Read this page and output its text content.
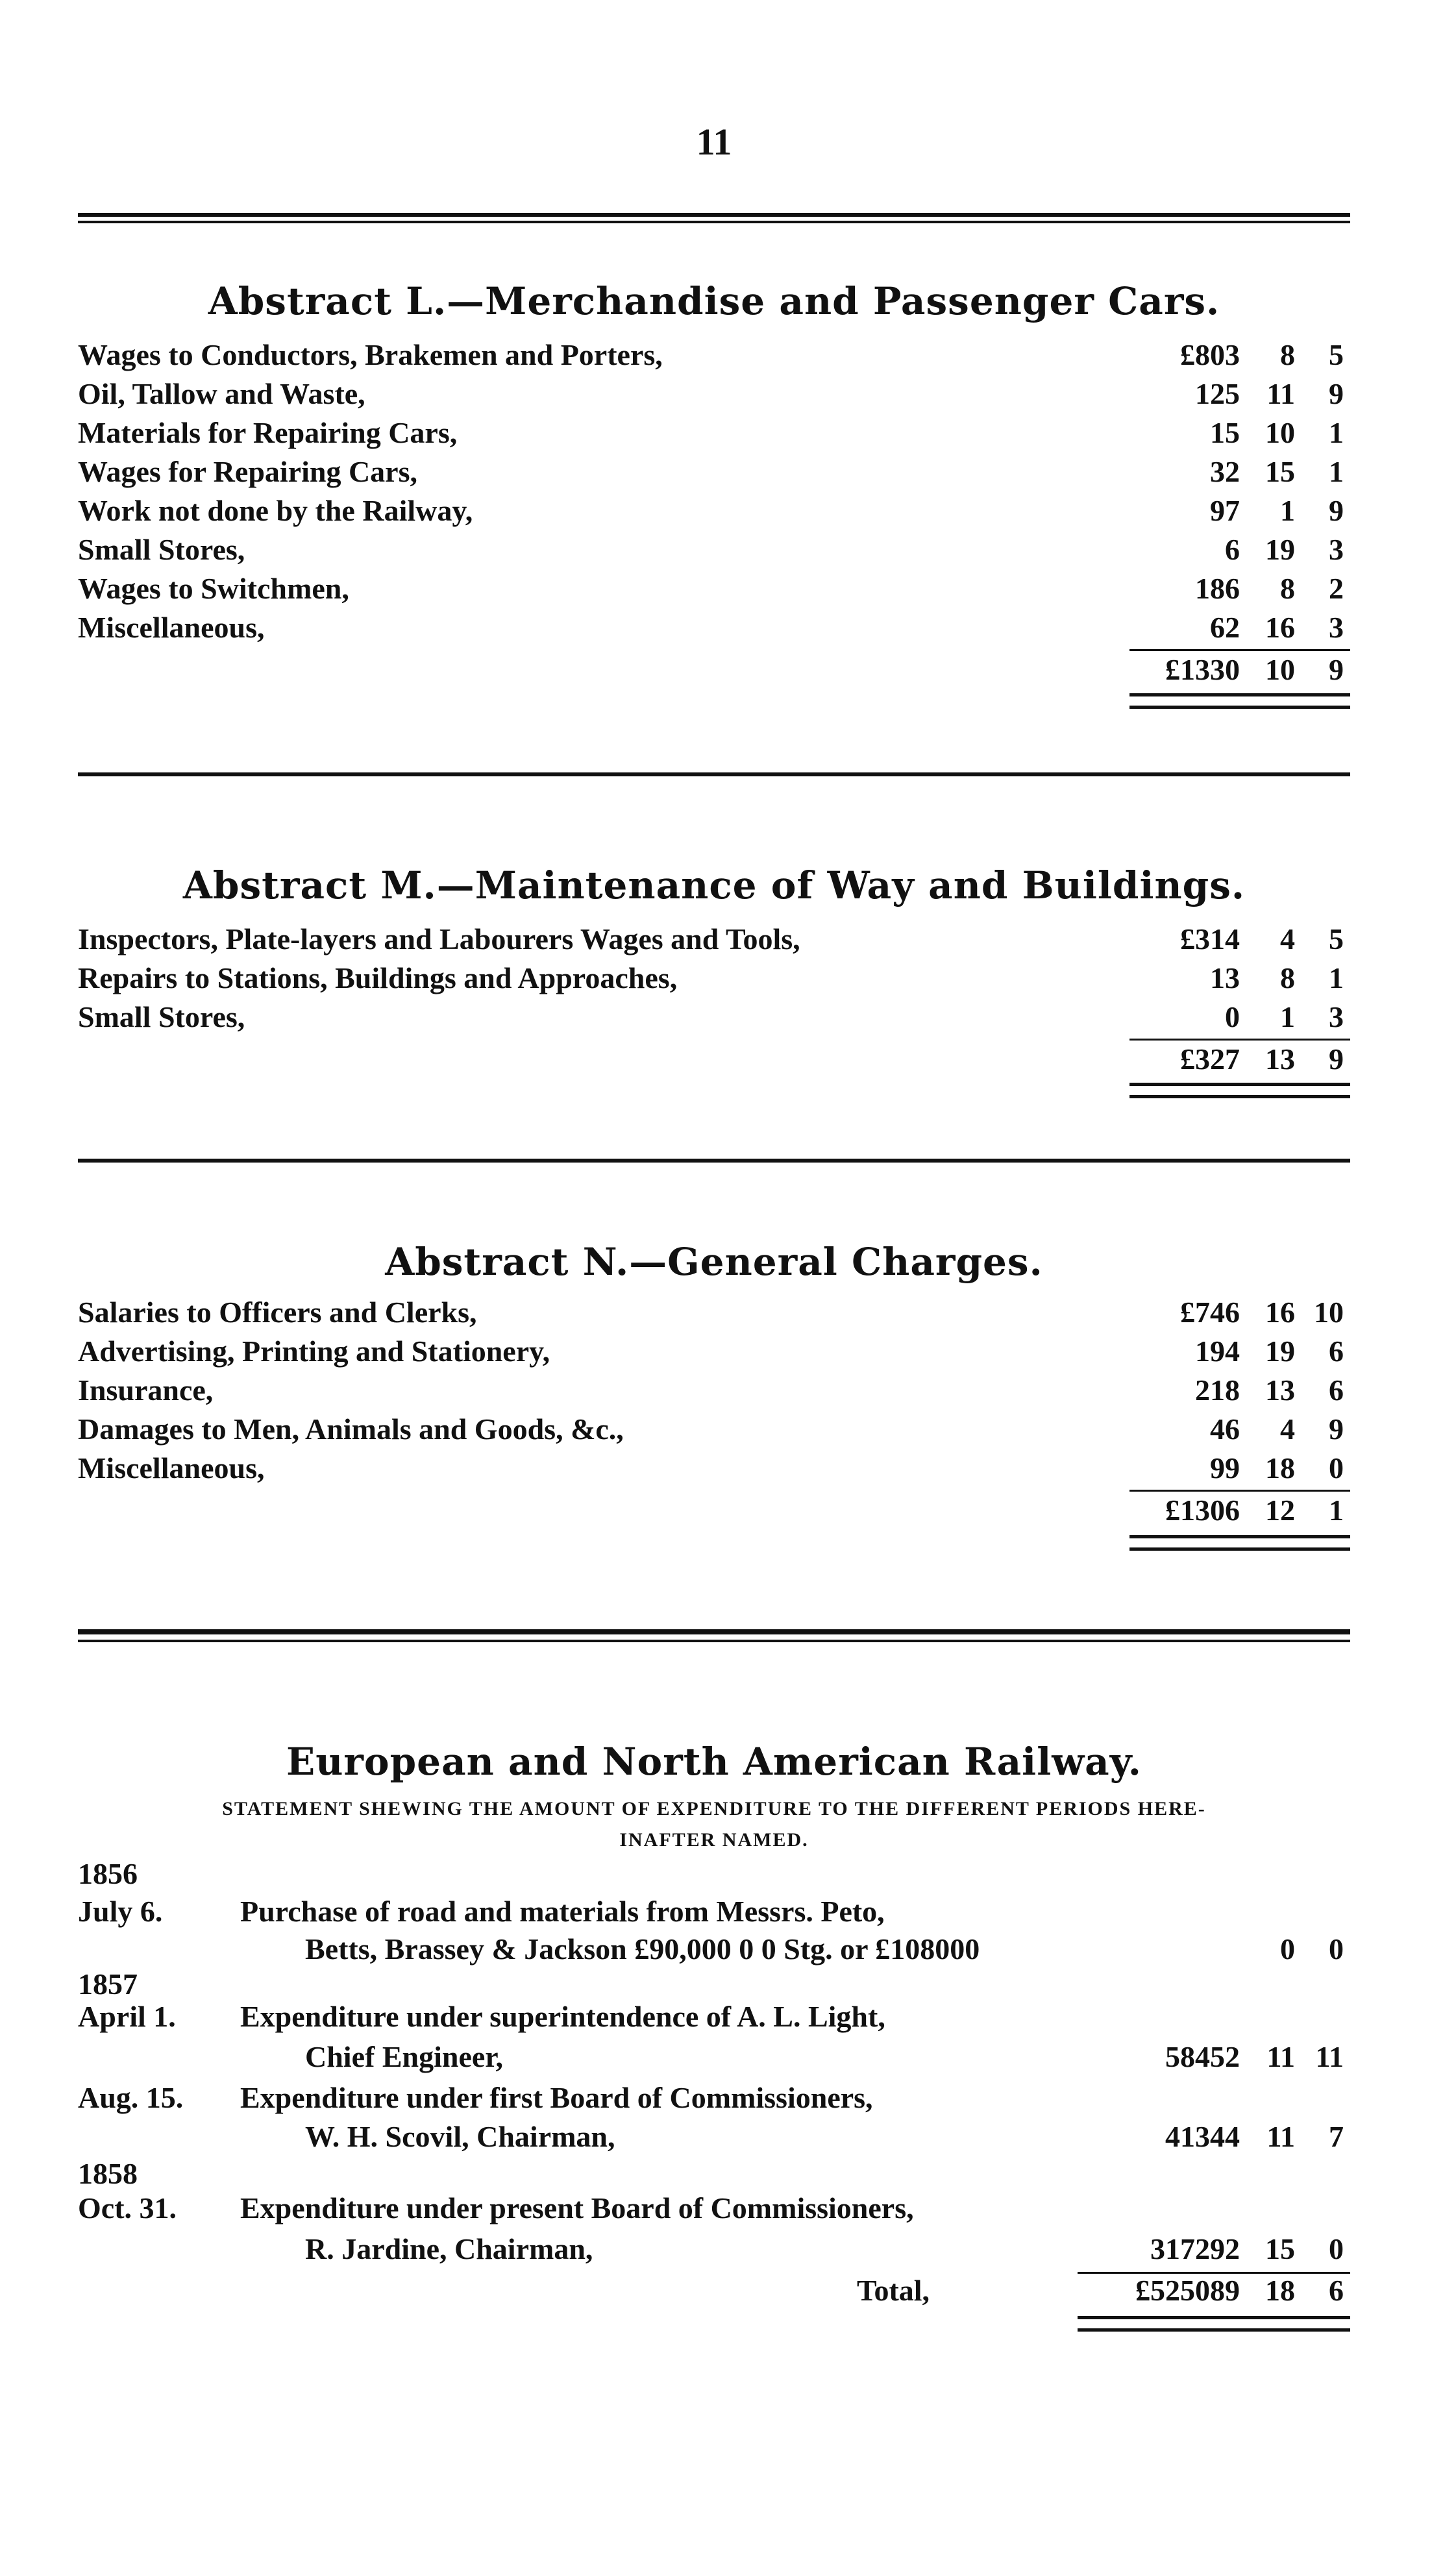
11
Abstract L.—Merchandise and Passenger Cars.
Wages to Conductors, Brakemen and Porters,	£803 8 5
Oil, Tallow and Waste,	125 11 9
Materials for Repairing Cars,	15 10 1
Wages for Repairing Cars,	32 15 1
Work not done by the Railway,	97 1 9
Small Stores,	6 19 3
Wages to Switchmen,	186 8 2
Miscellaneous,	62 16 3
£1330 10 9
Abstract M.—Maintenance of Way and Buildings.
Inspectors, Plate-layers and Labourers Wages and Tools,	£314 4 5
Repairs to Stations, Buildings and Approaches,	13 8 1
Small Stores,	0 1 3
£327 13 9
Abstract N.—General Charges.
Salaries to Officers and Clerks,	£746 16 10
Advertising, Printing and Stationery,	194 19 6
Insurance,	218 13 6
Damages to Men, Animals and Goods, &c.,	46 4 9
Miscellaneous,	99 18 0
£1306 12 1
European and North American Railway.
STATEMENT SHEWING THE AMOUNT OF EXPENDITURE TO THE DIFFERENT PERIODS HERE-
INAFTER NAMED.
1856
July 6.	Purchase of road and materials from Messrs. Peto,
Betts, Brassey & Jackson £90,000 0 0 Stg. or £108000	0 0
1857
April 1. Expenditure under superintendence of A. L. Light,
Chief Engineer,	58452 11 11
Aug. 15. Expenditure under first Board of Commissioners,
W. H. Scovil, Chairman,	41344 11 7
1858
Oct. 31. Expenditure under present Board of Commissioners,
R. Jardine, Chairman,	317292 15 0
Total,	£525089 18 6
